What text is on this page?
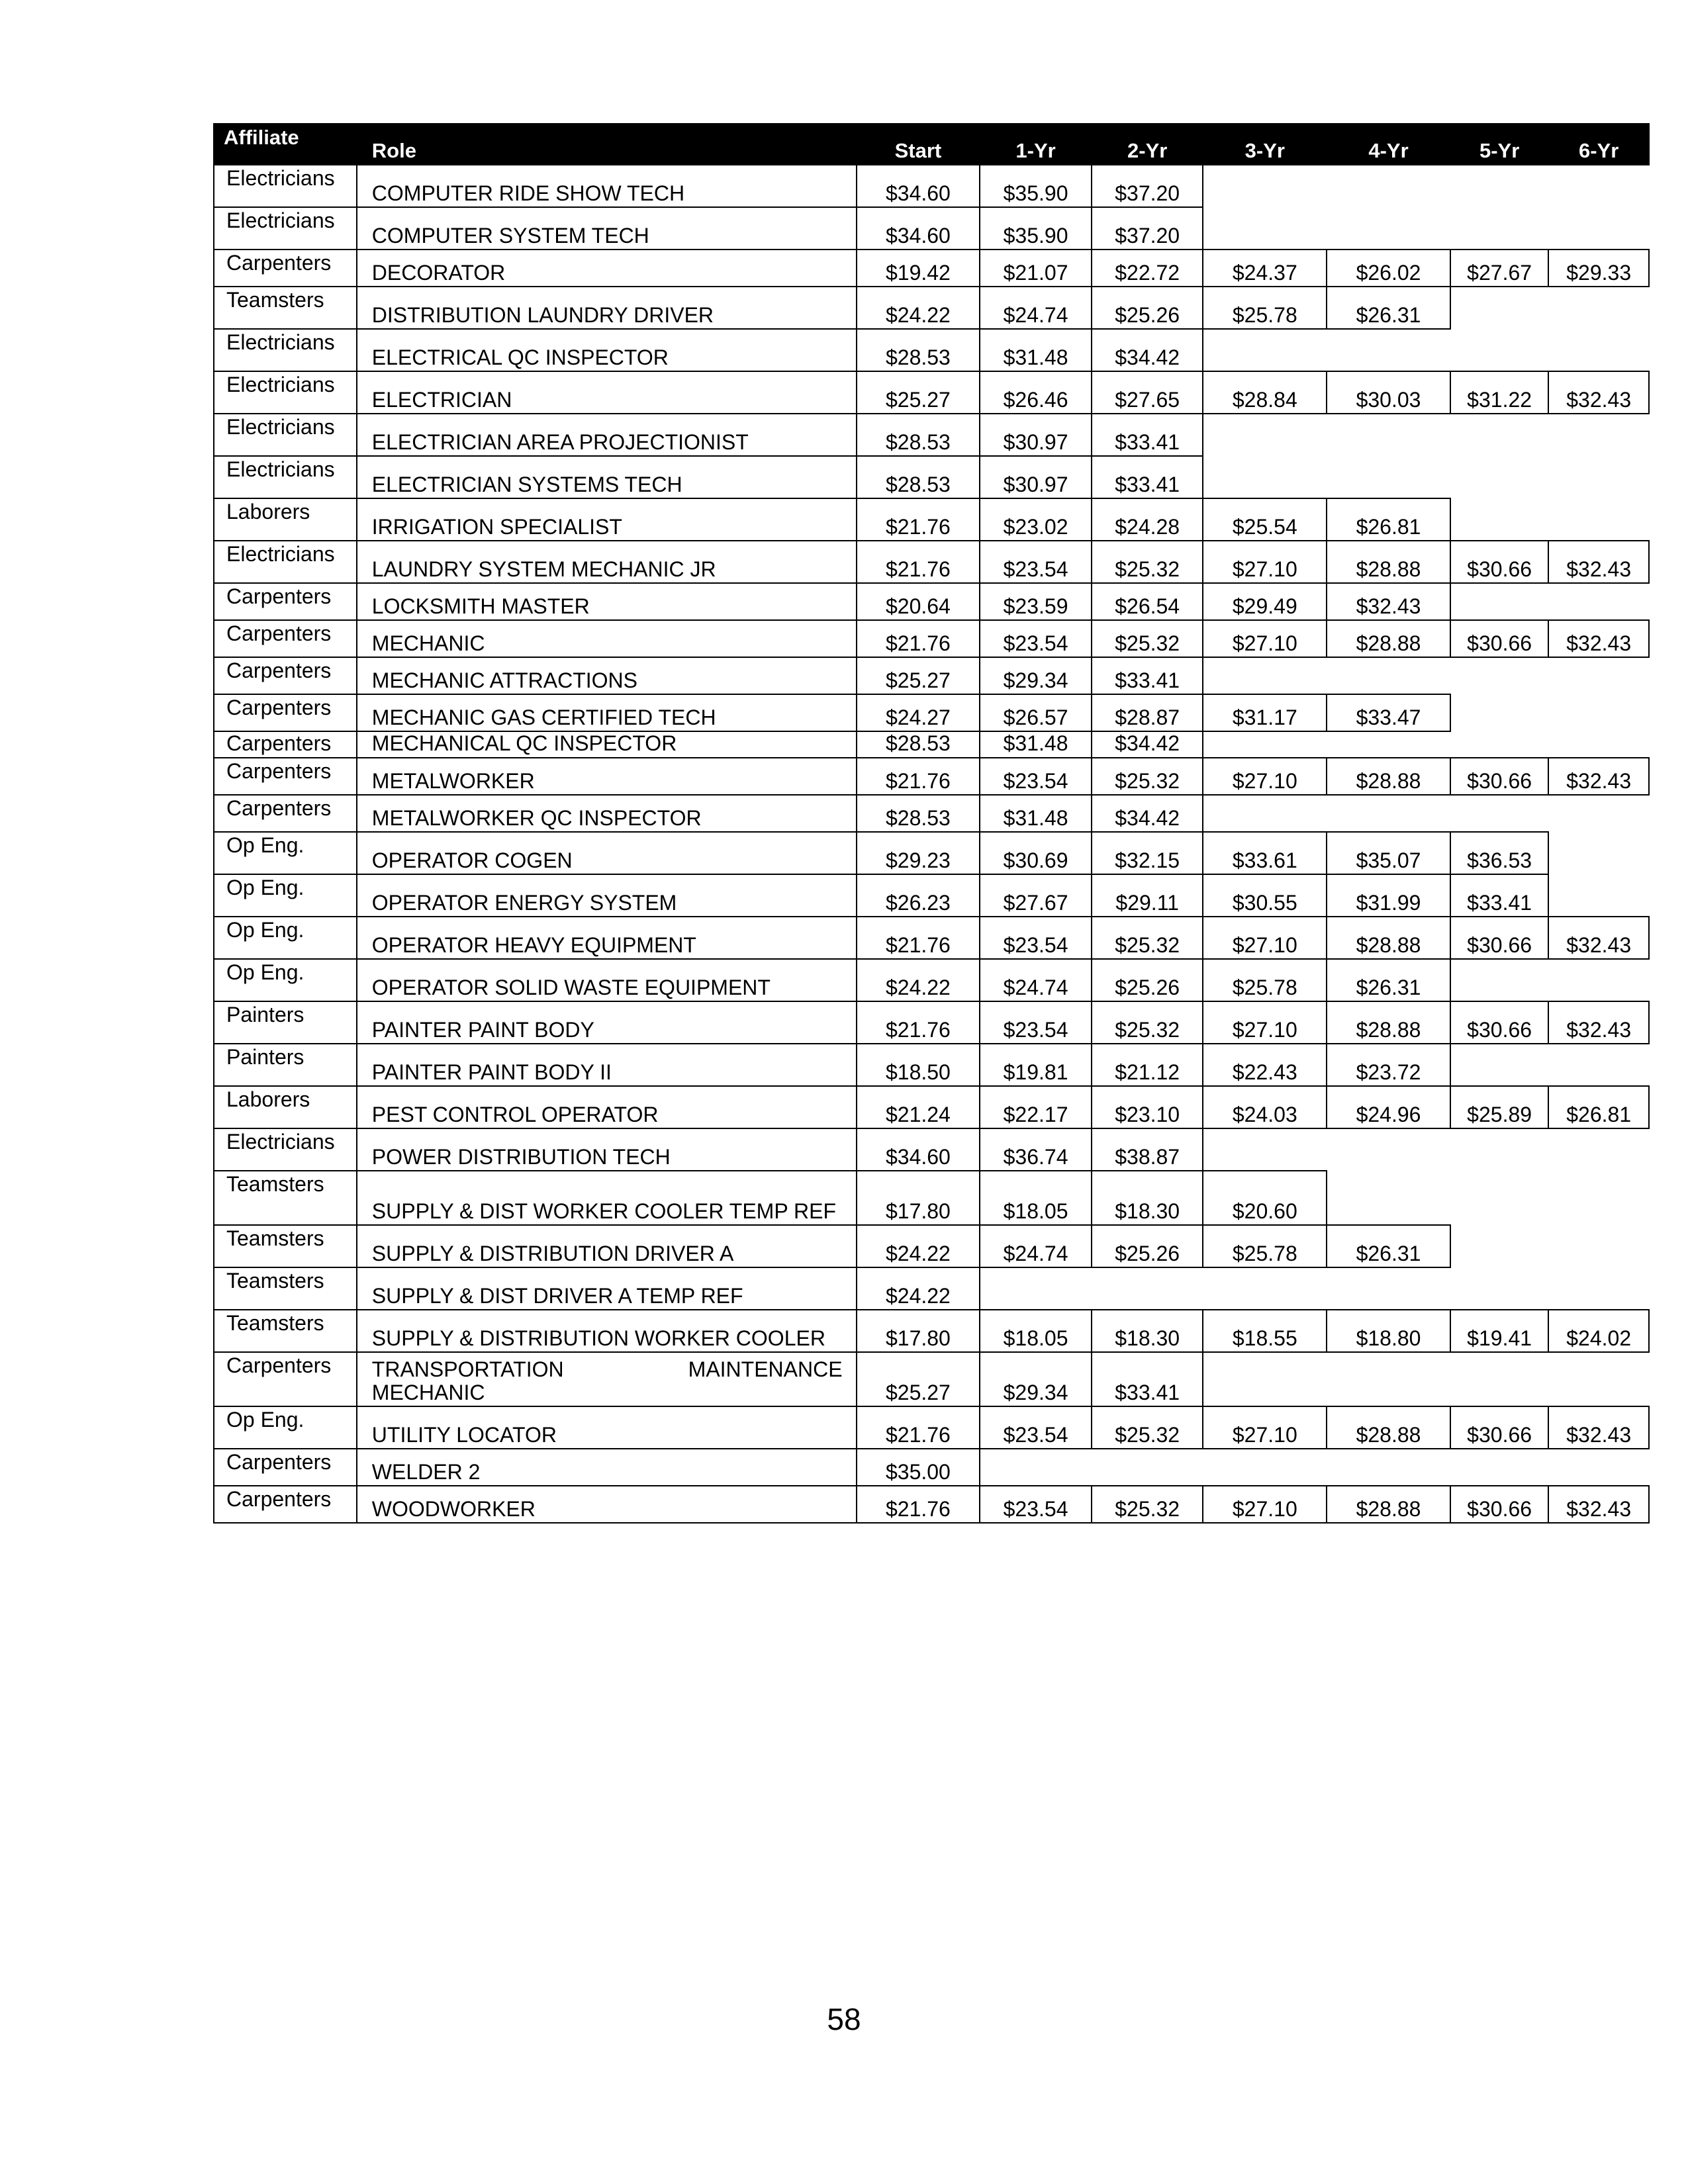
Affiliate	Role	Start	1-Yr	2-Yr	3-Yr	4-Yr	5-Yr	6-Yr
Electricians	COMPUTER RIDE SHOW TECH	$34.60	$35.90	$37.20				
Electricians	COMPUTER SYSTEM TECH	$34.60	$35.90	$37.20				
Carpenters	DECORATOR	$19.42	$21.07	$22.72	$24.37	$26.02	$27.67	$29.33
Teamsters	DISTRIBUTION LAUNDRY DRIVER	$24.22	$24.74	$25.26	$25.78	$26.31		
Electricians	ELECTRICAL QC INSPECTOR	$28.53	$31.48	$34.42				
Electricians	ELECTRICIAN	$25.27	$26.46	$27.65	$28.84	$30.03	$31.22	$32.43
Electricians	ELECTRICIAN AREA PROJECTIONIST	$28.53	$30.97	$33.41				
Electricians	ELECTRICIAN SYSTEMS TECH	$28.53	$30.97	$33.41				
Laborers	IRRIGATION SPECIALIST	$21.76	$23.02	$24.28	$25.54	$26.81		
Electricians	LAUNDRY SYSTEM MECHANIC JR	$21.76	$23.54	$25.32	$27.10	$28.88	$30.66	$32.43
Carpenters	LOCKSMITH MASTER	$20.64	$23.59	$26.54	$29.49	$32.43		
Carpenters	MECHANIC	$21.76	$23.54	$25.32	$27.10	$28.88	$30.66	$32.43
Carpenters	MECHANIC ATTRACTIONS	$25.27	$29.34	$33.41				
Carpenters	MECHANIC GAS CERTIFIED TECH	$24.27	$26.57	$28.87	$31.17	$33.47		
Carpenters	MECHANICAL QC INSPECTOR	$28.53	$31.48	$34.42				
Carpenters	METALWORKER	$21.76	$23.54	$25.32	$27.10	$28.88	$30.66	$32.43
Carpenters	METALWORKER QC INSPECTOR	$28.53	$31.48	$34.42				
Op Eng.	OPERATOR COGEN	$29.23	$30.69	$32.15	$33.61	$35.07	$36.53	
Op Eng.	OPERATOR ENERGY SYSTEM	$26.23	$27.67	$29.11	$30.55	$31.99	$33.41	
Op Eng.	OPERATOR HEAVY EQUIPMENT	$21.76	$23.54	$25.32	$27.10	$28.88	$30.66	$32.43
Op Eng.	OPERATOR SOLID WASTE EQUIPMENT	$24.22	$24.74	$25.26	$25.78	$26.31		
Painters	PAINTER PAINT BODY	$21.76	$23.54	$25.32	$27.10	$28.88	$30.66	$32.43
Painters	PAINTER PAINT BODY II	$18.50	$19.81	$21.12	$22.43	$23.72		
Laborers	PEST CONTROL OPERATOR	$21.24	$22.17	$23.10	$24.03	$24.96	$25.89	$26.81
Electricians	POWER DISTRIBUTION TECH	$34.60	$36.74	$38.87				
Teamsters	SUPPLY & DIST WORKER COOLER TEMP REF	$17.80	$18.05	$18.30	$20.60			
Teamsters	SUPPLY & DISTRIBUTION DRIVER A	$24.22	$24.74	$25.26	$25.78	$26.31		
Teamsters	SUPPLY & DIST DRIVER A TEMP REF	$24.22						
Teamsters	SUPPLY & DISTRIBUTION WORKER COOLER	$17.80	$18.05	$18.30	$18.55	$18.80	$19.41	$24.02
Carpenters	TRANSPORTATION MAINTENANCE MECHANIC	$25.27	$29.34	$33.41				
Op Eng.	UTILITY LOCATOR	$21.76	$23.54	$25.32	$27.10	$28.88	$30.66	$32.43
Carpenters	WELDER 2	$35.00						
Carpenters	WOODWORKER	$21.76	$23.54	$25.32	$27.10	$28.88	$30.66	$32.43
58
